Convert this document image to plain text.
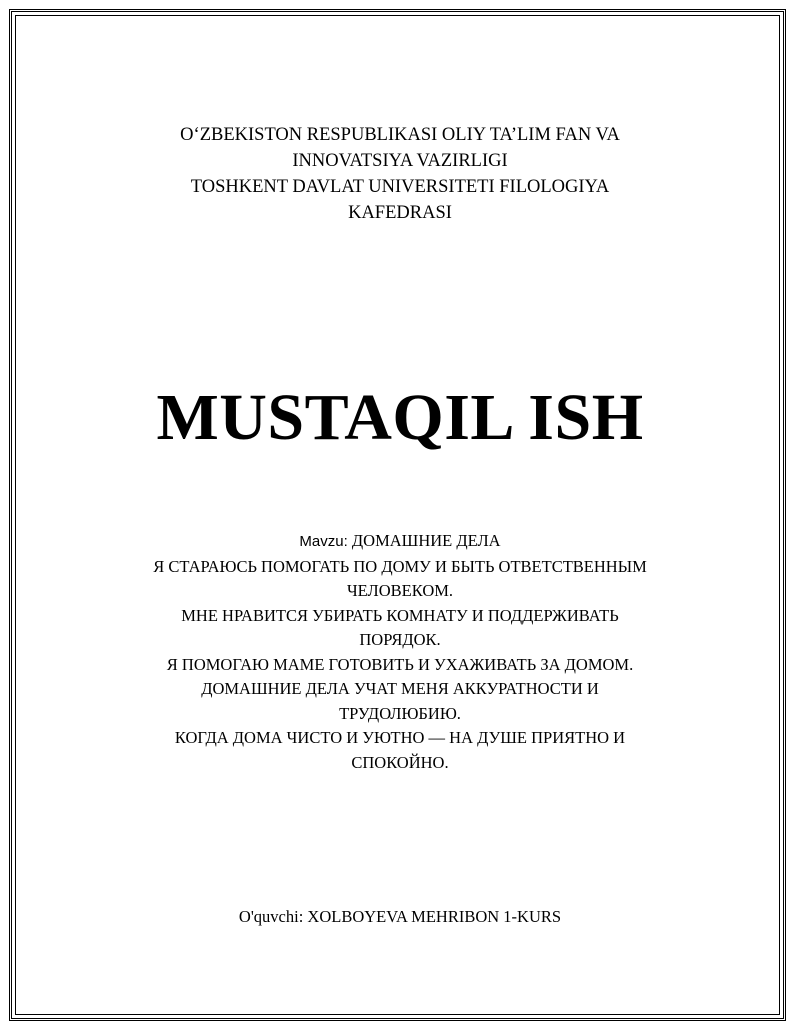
O‘ZBEKISTON RESPUBLIKASI OLIY TA’LIM FAN VA
INNOVATSIYA VAZIRLIGI
TOSHKENT DAVLAT UNIVERSITETI FILOLOGIYA
KAFEDRASI
MUSTAQIL ISH
Mavzu: ДОМАШНИЕ ДЕЛА
Я СТАРАЮСЬ ПОМОГАТЬ ПО ДОМУ И БЫТЬ ОТВЕТСТВЕННЫМ
ЧЕЛОВЕКОМ.
МНЕ НРАВИТСЯ УБИРАТЬ КОМНАТУ И ПОДДЕРЖИВАТЬ
ПОРЯДОК.
Я ПОМОГАЮ МАМЕ ГОТОВИТЬ И УХАЖИВАТЬ ЗА ДОМОМ.
ДОМАШНИЕ ДЕЛА УЧАТ МЕНЯ АККУРАТНОСТИ И
ТРУДОЛЮБИЮ.
КОГДА ДОМА ЧИСТО И УЮТНО — НА ДУШЕ ПРИЯТНО И
СПОКОЙНО.
O'quvchi: XOLBOYEVA MEHRIBON 1-KURS
